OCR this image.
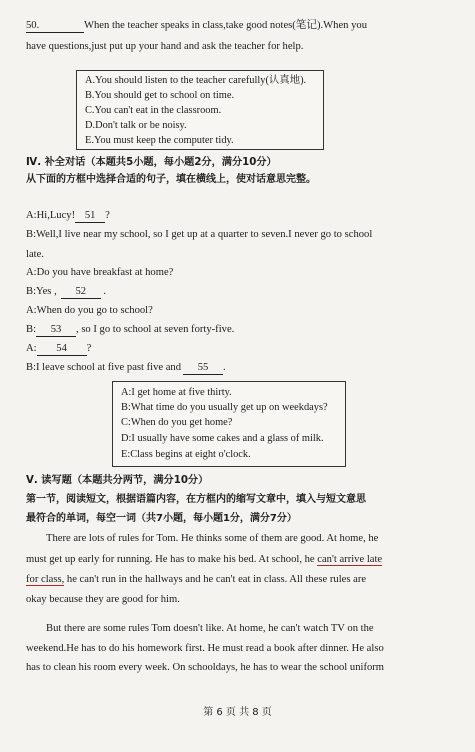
50.	When the teacher speaks in class,take good notes(笔记).When you
have questions,just put up your hand and ask the teacher for help.
A.You should listen to the teacher carefully(认真地).
B.You should get to school on time.
C.You can't eat in the classroom.
D.Don't talk or be noisy.
E.You must keep the computer tidy.
Ⅳ. 补全对话（本题共5小题，每小题2分，满分10分）
从下面的方框中选择合适的句子，填在横线上，使对话意思完整。
A:Hi,Lucy! 51 ?
B:Well,I live near my school, so I get up at a quarter to seven.I never go to school
late.
A:Do you have breakfast at home?
B:Yes , 52 .
A:When do you go to school?
B: 53 , so I go to school at seven forty-five.
A: 54 ?
B:I leave school at five past five and 55 .
A:I get home at five thirty.
B:What time do you usually get up on weekdays?
C:When do you get home?
D:I usually have some cakes and a glass of milk.
E:Class begins at eight o'clock.
Ⅴ. 读写题（本题共分两节，满分10分）
第一节，阅读短文，根据语篇内容，在方框内的缩写文章中，填入与短文意思
最符合的单词，每空一词（共7小题，每小题1分，满分7分）
There are lots of rules for Tom. He thinks some of them are good. At home, he
must get up early for running. He has to make his bed. At school, he can't arrive late
for class, he can't run in the hallways and he can't eat in class. All these rules are
okay because they are good for him.
But there are some rules Tom doesn't like. At home, he can't watch TV on the
weekend.He has to do his homework first. He must read a book after dinner. He also
has to clean his room every week. On schooldays, he has to wear the school uniform
第 6 页 共 8 页
